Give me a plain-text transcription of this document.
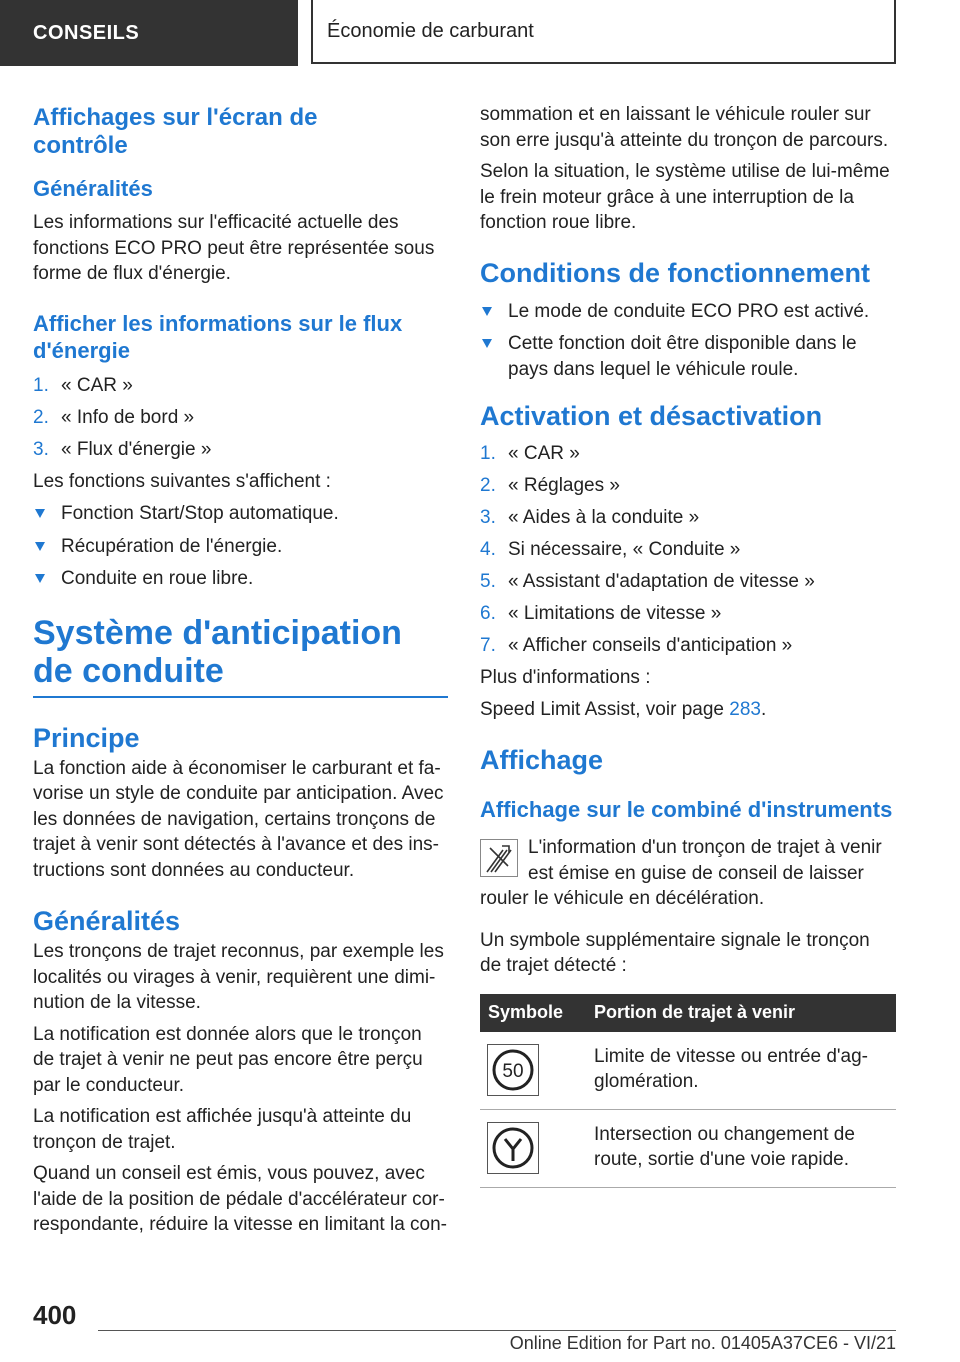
CONSEILS	Économie de carburant
Affichages sur l'écran de contrôle
Généralités

Les informations sur l'efficacité actuelle des fonctions ECO PRO peut être représentée sous forme de flux d'énergie.

Afficher les informations sur le flux d'énergie
1. « CAR »
2. « Info de bord »
3. « Flux d'énergie »

Les fonctions suivantes s'affichent :

Fonction Start/Stop automatique.
Récupération de l'énergie.
Conduite en roue libre.
Système d'anticipation de conduite
Principe

La fonction aide à économiser le carburant et fa-vorise un style de conduite par anticipation. Avec les données de navigation, certains tronçons de trajet à venir sont détectés à l'avance et des ins-tructions sont données au conducteur.

Généralités

Les tronçons de trajet reconnus, par exemple les localités ou virages à venir, requièrent une dimi-nution de la vitesse.

La notification est donnée alors que le tronçon de trajet à venir ne peut pas encore être perçu par le conducteur.

La notification est affichée jusqu'à atteinte du tronçon de trajet.

Quand un conseil est émis, vous pouvez, avec l'aide de la position de pédale d'accélérateur cor-respondante, réduire la vitesse en limitant la con-

sommation et en laissant le véhicule rouler sur son erre jusqu'à atteinte du tronçon de parcours.

Selon la situation, le système utilise de lui-même le frein moteur grâce à une interruption de la fonction roue libre.

Conditions de fonctionnement
Le mode de conduite ECO PRO est activé.
Cette fonction doit être disponible dans le pays dans lequel le véhicule roule.
Activation et désactivation
1. « CAR »
2. « Réglages »
3. « Aides à la conduite »
4. Si nécessaire, « Conduite »
5. « Assistant d'adaptation de vitesse »
6. « Limitations de vitesse »
7. « Afficher conseils d'anticipation »

Plus d'informations :

Speed Limit Assist, voir page 283.

Affichage
Affichage sur le combiné d'instruments

L'information d'un tronçon de trajet à venir est émise en guise de conseil de laisser rouler le véhicule en décélération.

Un symbole supplémentaire signale le tronçon de trajet détecté :

Symbole	Portion de trajet à venir

50	Limite de vitesse ou entrée d'ag-glomération.

	Intersection ou changement de route, sortie d'une voie rapide.
400
Online Edition for Part no. 01405A37CE6 - VI/21
